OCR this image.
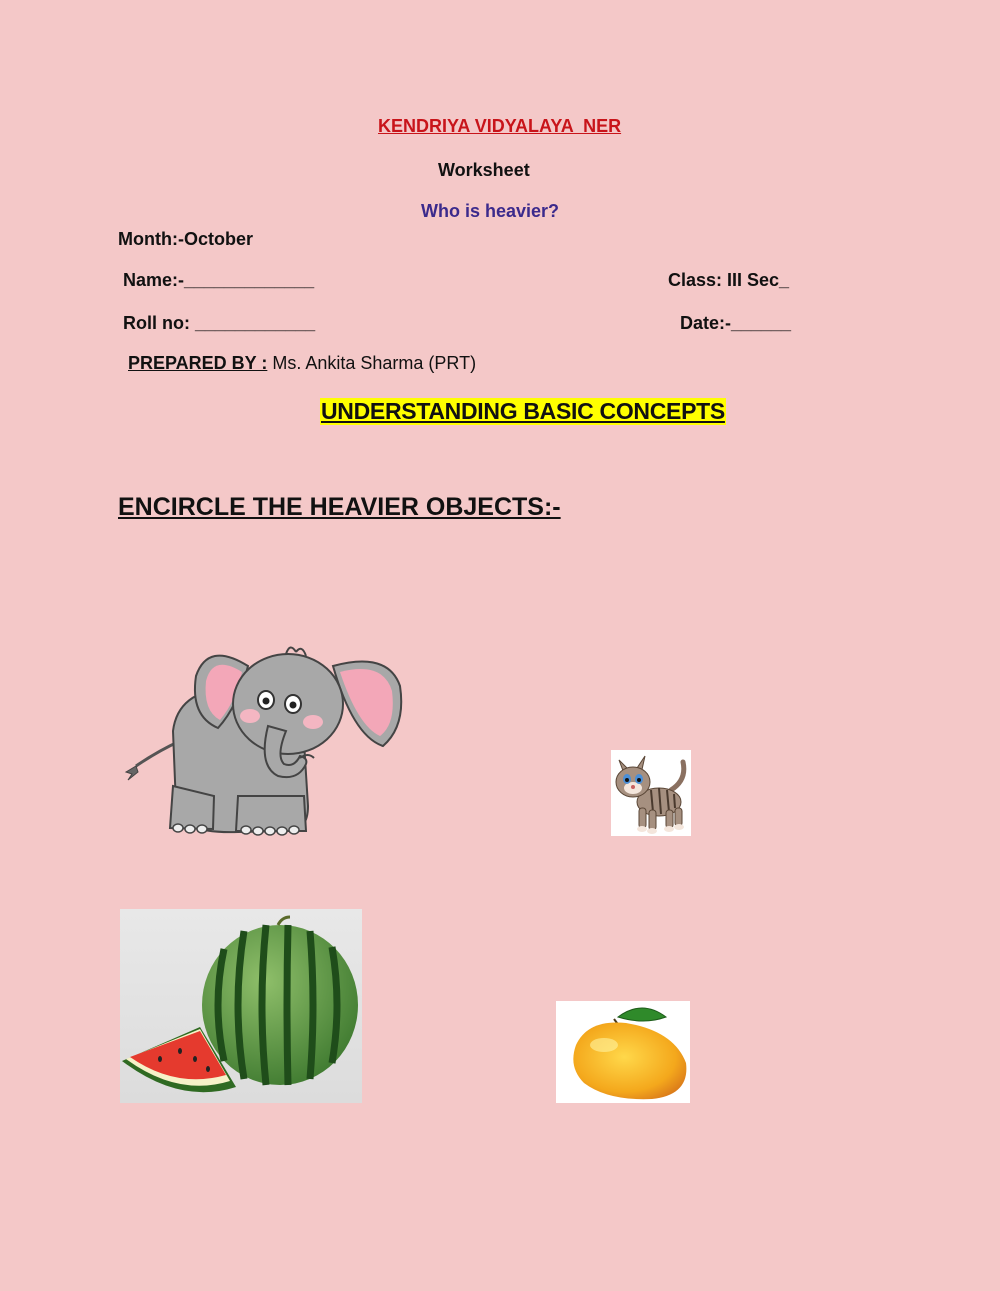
KENDRIYA VIDYALAYA  NER
Worksheet
Who is heavier?
Month:-October
Name:-_____________	Class: III Sec_
Roll no: ____________	Date:-______
PREPARED BY : Ms. Ankita Sharma (PRT)
UNDERSTANDING BASIC CONCEPTS
ENCIRCLE THE HEAVIER OBJECTS:-
